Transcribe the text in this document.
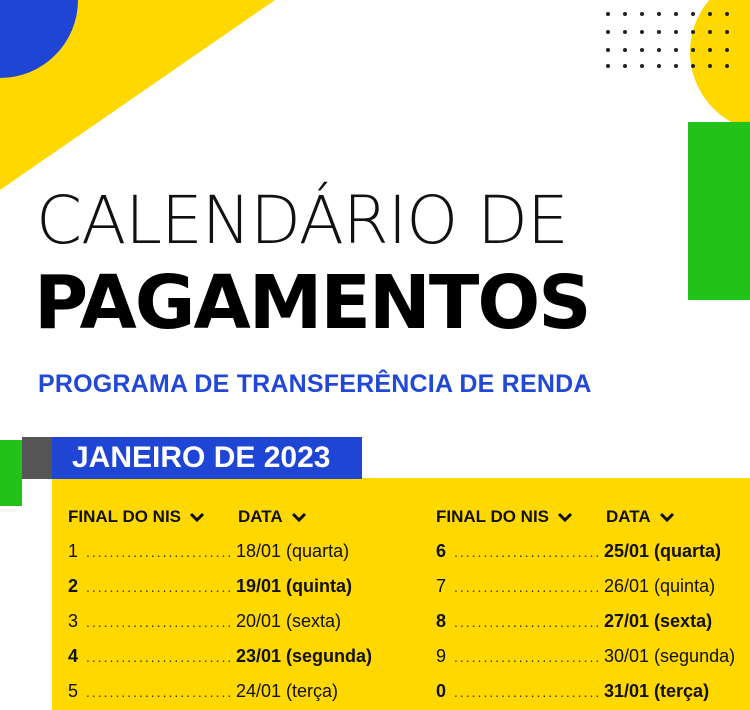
CALENDÁRIO DE
PAGAMENTOS
PROGRAMA DE TRANSFERÊNCIA DE RENDA
JANEIRO DE 2023
FINAL DO NIS	DATA
1 ......................... 18/01 (quarta)
2 ......................... 19/01 (quinta)
3 ......................... 20/01 (sexta)
4 ......................... 23/01 (segunda)
5 ......................... 24/01 (terça)
FINAL DO NIS	DATA
6 ......................... 25/01 (quarta)
7 ......................... 26/01 (quinta)
8 ......................... 27/01 (sexta)
9 ......................... 30/01 (segunda)
0 ......................... 31/01 (terça)
